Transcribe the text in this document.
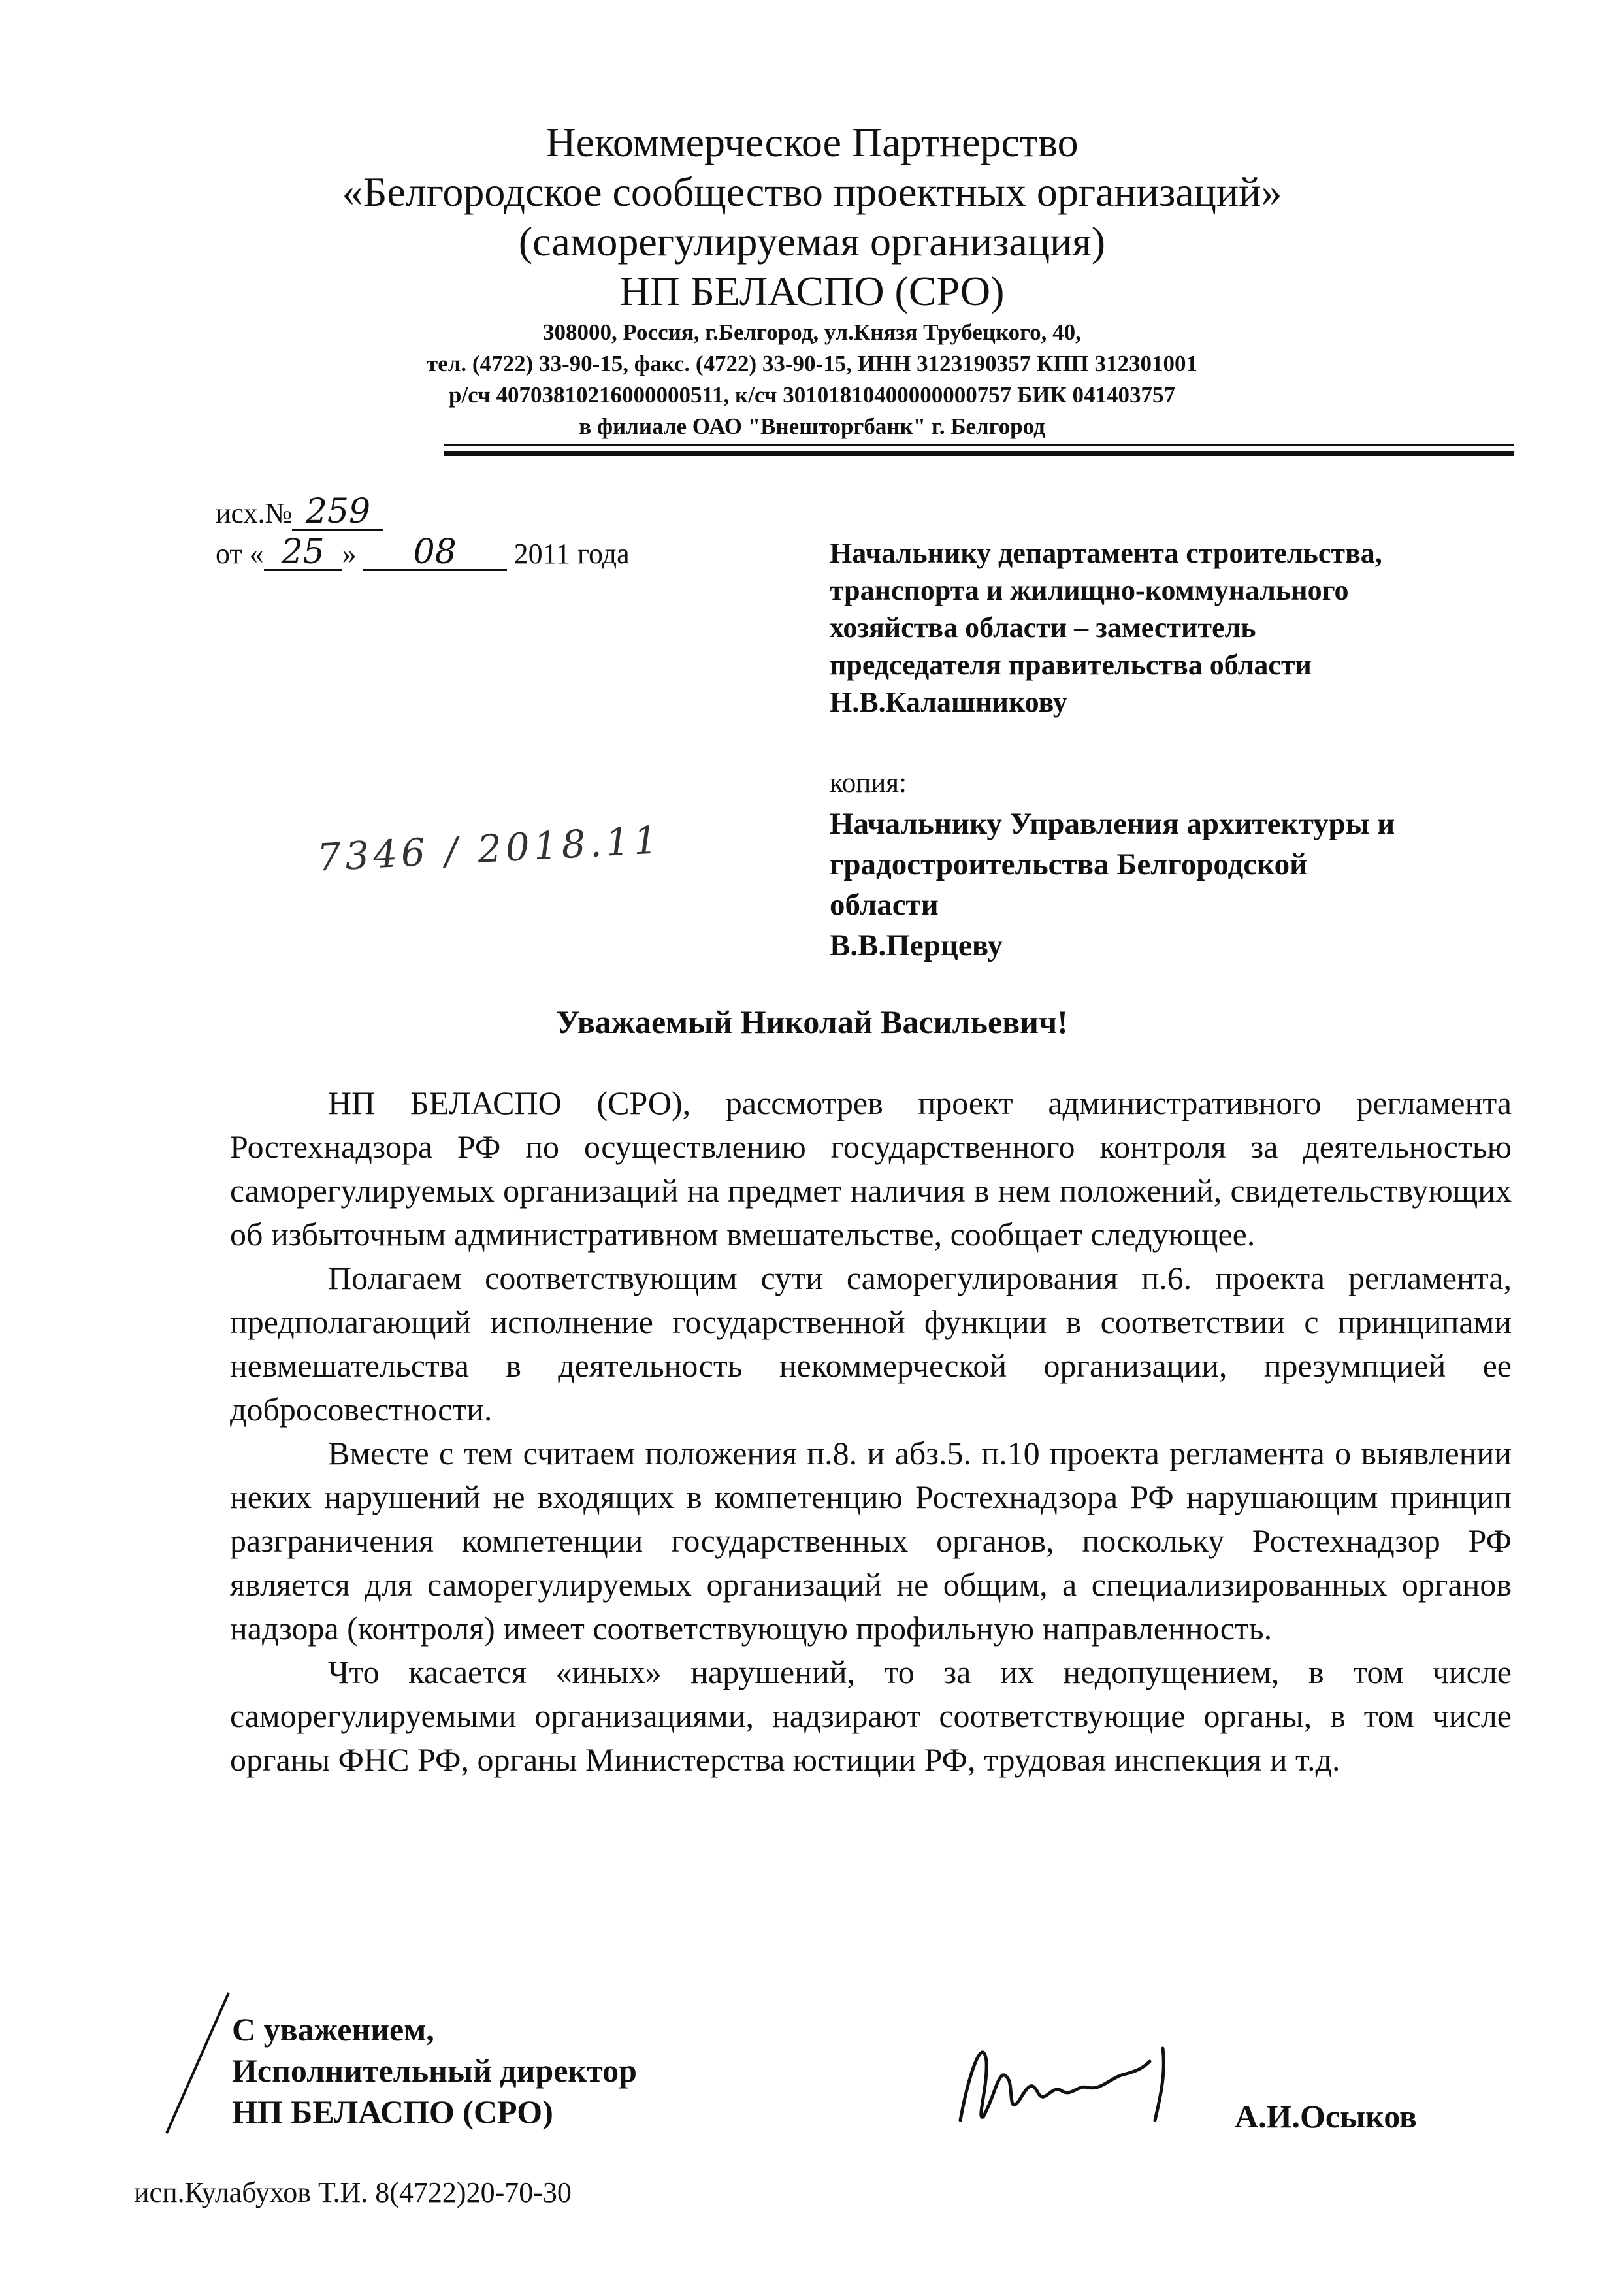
Некоммерческое Партнерство
«Белгородское сообщество проектных организаций»
(саморегулируемая организация)
НП БЕЛАСПО (СРО)
308000, Россия, г.Белгород, ул.Князя Трубецкого, 40,
тел. (4722) 33-90-15, факс. (4722) 33-90-15, ИНН 3123190357 КПП 312301001
р/сч 40703810216000000511, к/сч 30101810400000000757 БИК 041403757
в филиале ОАО "Внешторгбанк" г. Белгород
исх.№ 259
от « 25 » 08 2011 года	Начальнику департамента строительства,
транспорта и жилищно-коммунального
хозяйства области – заместитель
председателя правительства области
Н.В.Калашникову
копия:
Начальнику Управления архитектуры и
градостроительства Белгородской
области
В.В.Перцеву
7346 / 2018.11
Уважаемый Николай Васильевич!

НП БЕЛАСПО (СРО), рассмотрев проект административного регламента Ростехнадзора РФ по осуществлению государственного контроля за деятельностью саморегулируемых организаций на предмет наличия в нем положений, свидетельствующих об избыточным административном вмешательстве, сообщает следующее.

Полагаем соответствующим сути саморегулирования п.6. проекта регламента, предполагающий исполнение государственной функции в соответствии с принципами невмешательства в деятельность некоммерческой организации, презумпцией ее добросовестности.

Вместе с тем считаем положения п.8. и абз.5. п.10 проекта регламента о выявлении неких нарушений не входящих в компетенцию Ростехнадзора РФ нарушающим принцип разграничения компетенции государственных органов, поскольку Ростехнадзор РФ является для саморегулируемых организаций не общим, а специализированных органов надзора (контроля) имеет соответствующую профильную направленность.

Что касается «иных» нарушений, то за их недопущением, в том числе саморегулируемыми организациями, надзирают соответствующие органы, в том числе органы ФНС РФ, органы Министерства юстиции РФ, трудовая инспекция и т.д.

С уважением,
Исполнительный директор
НП БЕЛАСПО (СРО)	А.И.Осыков
исп.Кулабухов Т.И. 8(4722)20-70-30
